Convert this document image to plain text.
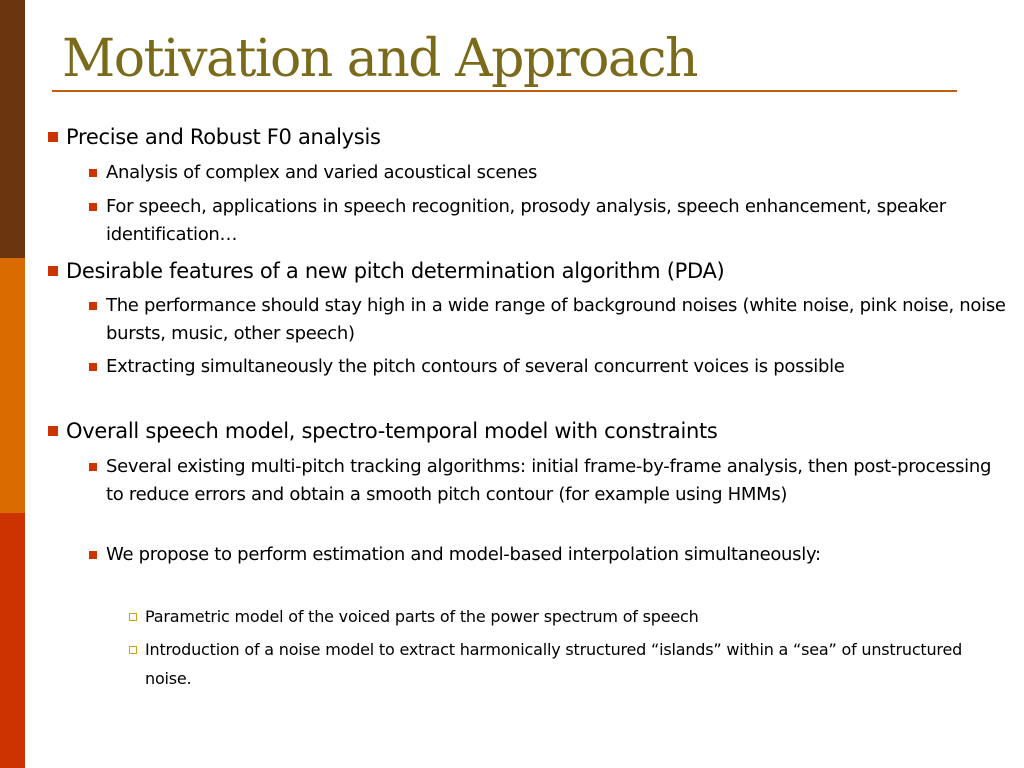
Motivation and Approach
Precise and Robust F0 analysis
Analysis of complex and varied acoustical scenes
For speech, applications in speech recognition, prosody analysis, speech enhancement, speaker identification…
Desirable features of a new pitch determination algorithm (PDA)
The performance should stay high in a wide range of background noises (white noise, pink noise, noise bursts, music, other speech)
Extracting simultaneously the pitch contours of several concurrent voices is possible
Overall speech model, spectro-temporal model with constraints
Several existing multi-pitch tracking algorithms: initial frame-by-frame analysis, then post-processing to reduce errors and obtain a smooth pitch contour (for example using HMMs)
We propose to perform estimation and model-based interpolation simultaneously:
Parametric model of the voiced parts of the power spectrum of speech
Introduction of a noise model to extract harmonically structured “islands” within a “sea” of unstructured noise.
